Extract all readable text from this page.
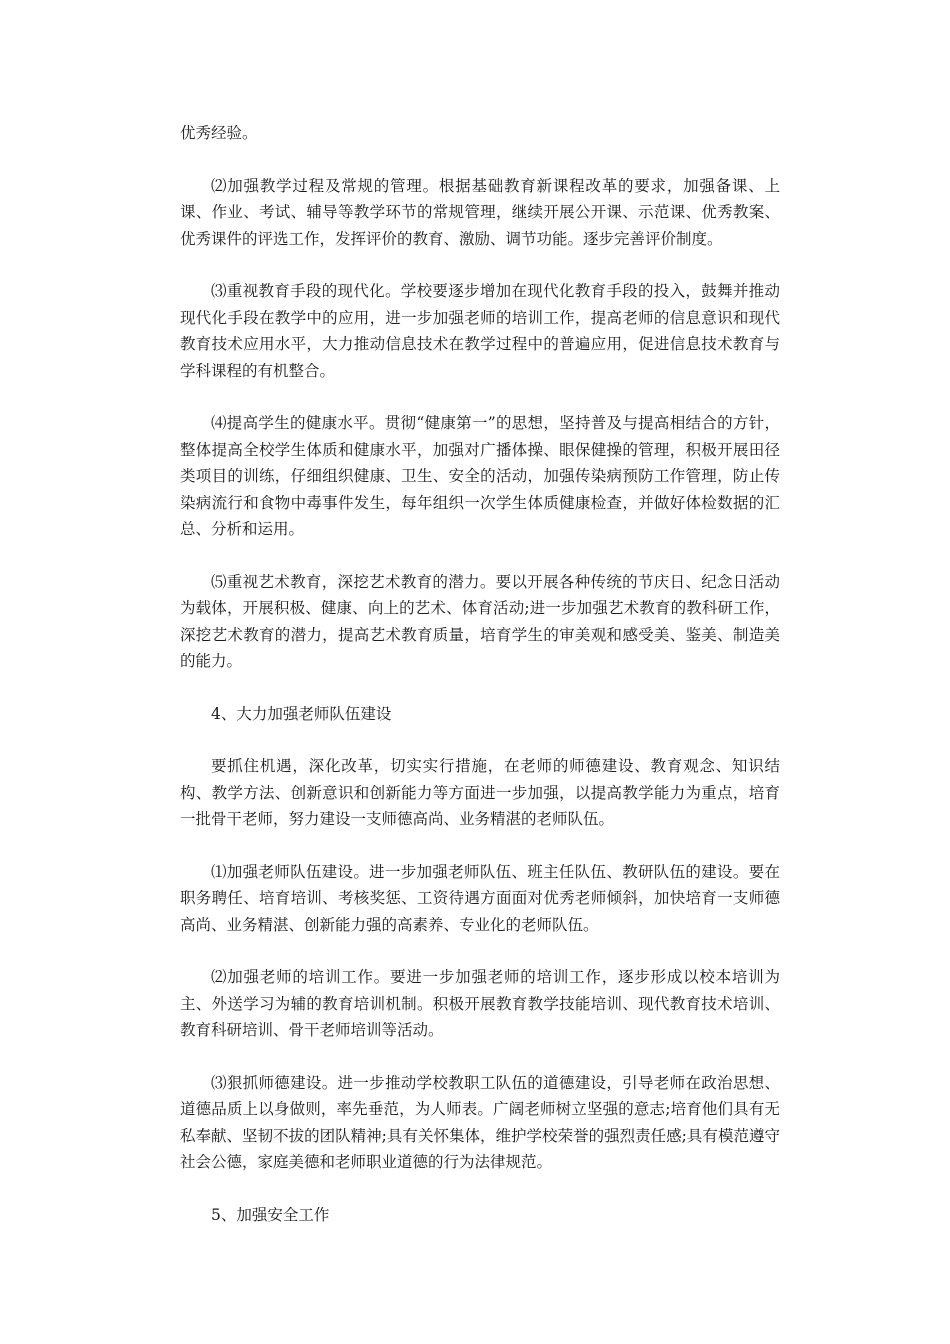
优秀经验。

⑵加强教学过程及常规的管理。根据基础教育新课程改革的要求，加强备课、上课、作业、考试、辅导等教学环节的常规管理，继续开展公开课、示范课、优秀教案、优秀课件的评选工作，发挥评价的教育、激励、调节功能。逐步完善评价制度。

⑶重视教育手段的现代化。学校要逐步增加在现代化教育手段的投入，鼓舞并推动现代化手段在教学中的应用，进一步加强老师的培训工作，提高老师的信息意识和现代教育技术应用水平，大力推动信息技术在教学过程中的普遍应用，促进信息技术教育与学科课程的有机整合。

⑷提高学生的健康水平。贯彻“健康第一”的思想，坚持普及与提高相结合的方针，整体提高全校学生体质和健康水平，加强对广播体操、眼保健操的管理，积极开展田径类项目的训练，仔细组织健康、卫生、安全的活动，加强传染病预防工作管理，防止传染病流行和食物中毒事件发生，每年组织一次学生体质健康检查，并做好体检数据的汇总、分析和运用。

⑸重视艺术教育，深挖艺术教育的潜力。要以开展各种传统的节庆日、纪念日活动为载体，开展积极、健康、向上的艺术、体育活动;进一步加强艺术教育的教科研工作，深挖艺术教育的潜力，提高艺术教育质量，培育学生的审美观和感受美、鉴美、制造美的能力。

4、大力加强老师队伍建设

要抓住机遇，深化改革，切实实行措施，在老师的师德建设、教育观念、知识结构、教学方法、创新意识和创新能力等方面进一步加强，以提高教学能力为重点，培育一批骨干老师，努力建设一支师德高尚、业务精湛的老师队伍。

⑴加强老师队伍建设。进一步加强老师队伍、班主任队伍、教研队伍的建设。要在职务聘任、培育培训、考核奖惩、工资待遇方面面对优秀老师倾斜，加快培育一支师德高尚、业务精湛、创新能力强的高素养、专业化的老师队伍。

⑵加强老师的培训工作。要进一步加强老师的培训工作，逐步形成以校本培训为主、外送学习为辅的教育培训机制。积极开展教育教学技能培训、现代教育技术培训、教育科研培训、骨干老师培训等活动。

⑶狠抓师德建设。进一步推动学校教职工队伍的道德建设，引导老师在政治思想、道德品质上以身做则，率先垂范，为人师表。广阔老师树立坚强的意志;培育他们具有无私奉献、坚韧不拔的团队精神;具有关怀集体，维护学校荣誉的强烈责任感;具有模范遵守社会公德，家庭美德和老师职业道德的行为法律规范。

5、加强安全工作
